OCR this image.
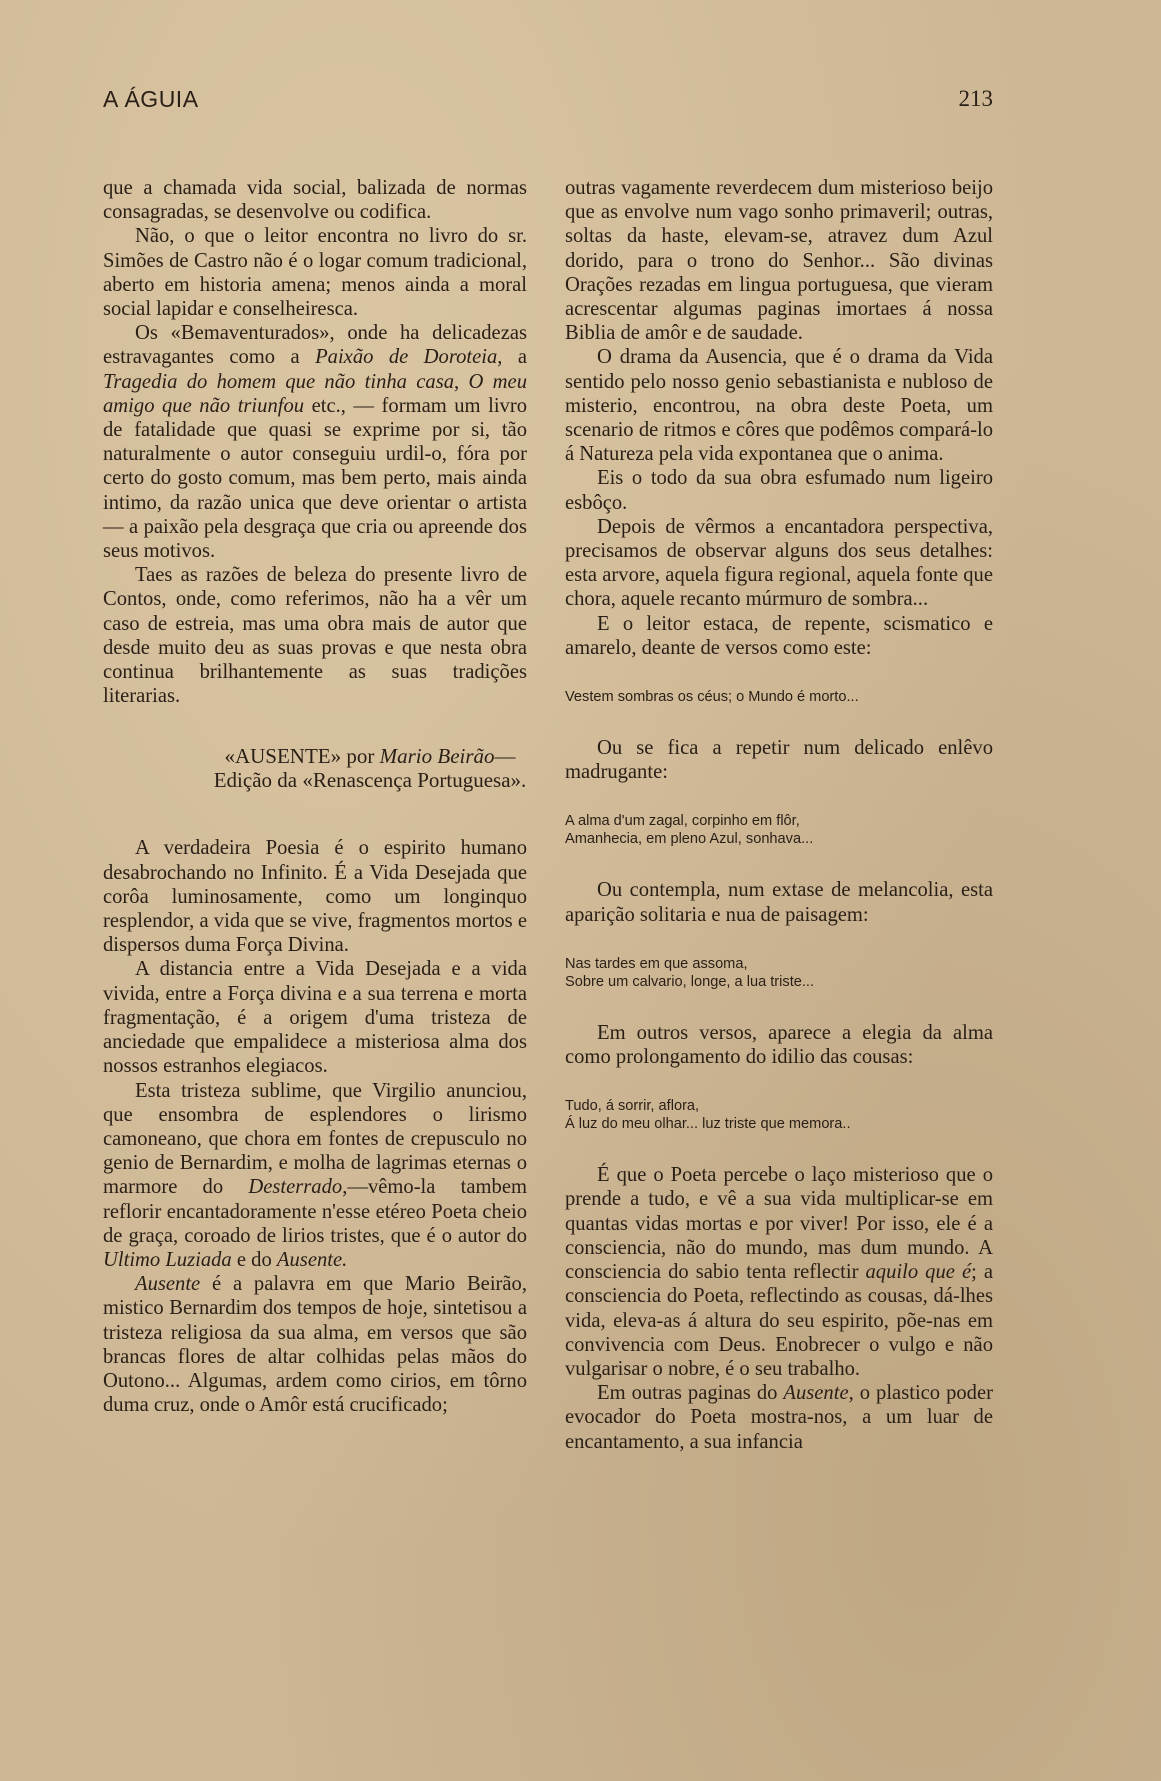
A ÁGUIA	213

que a chamada vida social, balizada de normas consagradas, se desenvolve ou codifica.

Não, o que o leitor encontra no livro do sr. Simões de Castro não é o logar comum tradicional, aberto em historia amena; menos ainda a moral social lapidar e conselheiresca.

Os «Bemaventurados», onde ha delicadezas estravagantes como a Paixão de Doroteia, a Tragedia do homem que não tinha casa, O meu amigo que não triunfou etc., — formam um livro de fatalidade que quasi se exprime por si, tão naturalmente o autor conseguiu urdil-o, fóra por certo do gosto comum, mas bem perto, mais ainda intimo, da razão unica que deve orientar o artista — a paixão pela desgraça que cria ou apreende dos seus motivos.

Taes as razões de beleza do presente livro de Contos, onde, como referimos, não ha a vêr um caso de estreia, mas uma obra mais de autor que desde muito deu as suas provas e que nesta obra continua brilhantemente as suas tradições literarias.

«AUSENTE» por Mario Beirão—Edição da «Renascença Portuguesa».

A verdadeira Poesia é o espirito humano desabrochando no Infinito. É a Vida Desejada que corôa luminosamente, como um longinquo resplendor, a vida que se vive, fragmentos mortos e dispersos duma Força Divina.

A distancia entre a Vida Desejada e a vida vivida, entre a Força divina e a sua terrena e morta fragmentação, é a origem d'uma tristeza de anciedade que empalidece a misteriosa alma dos nossos estranhos elegiacos.

Esta tristeza sublime, que Virgilio anunciou, que ensombra de esplendores o lirismo camoneano, que chora em fontes de crepusculo no genio de Bernardim, e molha de lagrimas eternas o marmore do Desterrado,—vêmo-la tambem reflorir encantadoramente n'esse etéreo Poeta cheio de graça, coroado de lirios tristes, que é o autor do Ultimo Luziada e do Ausente.

Ausente é a palavra em que Mario Beirão, mistico Bernardim dos tempos de hoje, sintetisou a tristeza religiosa da sua alma, em versos que são brancas flores de altar colhidas pelas mãos do Outono... Algumas, ardem como cirios, em tôrno duma cruz, onde o Amôr está crucificado;

outras vagamente reverdecem dum misterioso beijo que as envolve num vago sonho primaveril; outras, soltas da haste, elevam-se, atravez dum Azul dorido, para o trono do Senhor... São divinas Orações rezadas em lingua portuguesa, que vieram acrescentar algumas paginas imortaes á nossa Biblia de amôr e de saudade.

O drama da Ausencia, que é o drama da Vida sentido pelo nosso genio sebastianista e nubloso de misterio, encontrou, na obra deste Poeta, um scenario de ritmos e côres que podêmos compará-lo á Natureza pela vida expontanea que o anima.

Eis o todo da sua obra esfumado num ligeiro esbôço.

Depois de vêrmos a encantadora perspectiva, precisamos de observar alguns dos seus detalhes: esta arvore, aquela figura regional, aquela fonte que chora, aquele recanto múrmuro de sombra...

E o leitor estaca, de repente, scismatico e amarelo, deante de versos como este:

Vestem sombras os céus; o Mundo é morto...

Ou se fica a repetir num delicado enlêvo madrugante:

A alma d'um zagal, corpinho em flôr,
Amanhecia, em pleno Azul, sonhava...

Ou contempla, num extase de melancolia, esta aparição solitaria e nua de paisagem:

Nas tardes em que assoma,
Sobre um calvario, longe, a lua triste...

Em outros versos, aparece a elegia da alma como prolongamento do idilio das cousas:

Tudo, á sorrir, aflora,
Á luz do meu olhar... luz triste que memora..

É que o Poeta percebe o laço misterioso que o prende a tudo, e vê a sua vida multiplicar-se em quantas vidas mortas e por viver! Por isso, ele é a consciencia, não do mundo, mas dum mundo. A consciencia do sabio tenta reflectir aquilo que é; a consciencia do Poeta, reflectindo as cousas, dá-lhes vida, eleva-as á altura do seu espirito, põe-nas em convivencia com Deus. Enobrecer o vulgo e não vulgarisar o nobre, é o seu trabalho.

Em outras paginas do Ausente, o plastico poder evocador do Poeta mostra-nos, a um luar de encantamento, a sua infancia
